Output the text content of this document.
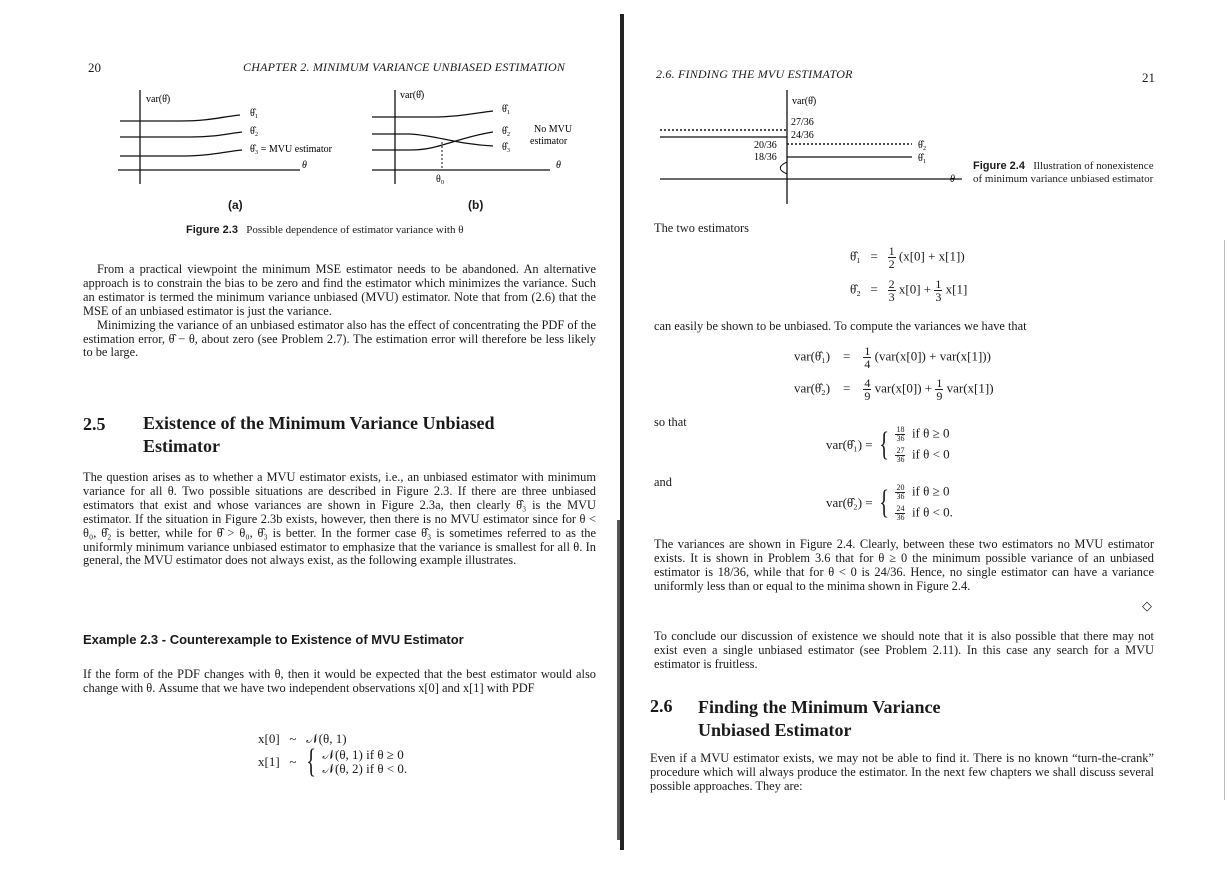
20	CHAPTER 2. MINIMUM VARIANCE UNBIASED ESTIMATION
var(θ̂)
θ̂₁
θ̂₂
θ̂₃ = MVU estimator
θ
var(θ̂)
θ̂₁
θ̂₂
θ̂₃
No MVU
estimator
θ
θ₀
(a)	(b)
Figure 2.3 Possible dependence of estimator variance with θ

From a practical viewpoint the minimum MSE estimator needs to be abandoned. An alternative approach is to constrain the bias to be zero and find the estimator which minimizes the variance. Such an estimator is termed the minimum variance unbiased (MVU) estimator. Note that from (2.6) that the MSE of an unbiased estimator is just the variance.

Minimizing the variance of an unbiased estimator also has the effect of concentrating the PDF of the estimation error, θ̂ − θ, about zero (see Problem 2.7). The estimation error will therefore be less likely to be large.

2.5 Existence of the Minimum Variance Unbiased
Estimator

The question arises as to whether a MVU estimator exists, i.e., an unbiased estimator with minimum variance for all θ. Two possible situations are described in Figure 2.3. If there are three unbiased estimators that exist and whose variances are shown in Figure 2.3a, then clearly θ̂₃ is the MVU estimator. If the situation in Figure 2.3b exists, however, then there is no MVU estimator since for θ < θ₀, θ̂₂ is better, while for θ̂ > θ₀, θ̂₃ is better. In the former case θ̂₃ is sometimes referred to as the uniformly minimum variance unbiased estimator to emphasize that the variance is smallest for all θ. In general, the MVU estimator does not always exist, as the following example illustrates.

Example 2.3 - Counterexample to Existence of MVU Estimator

If the form of the PDF changes with θ, then it would be expected that the best estimator would also change with θ. Assume that we have two independent observations x[0] and x[1] with PDF

x[0] ~ 𝒩(θ, 1)
x[1] ~ { 𝒩(θ, 1) if θ ≥ 0
𝒩(θ, 2) if θ < 0.
2.6. FINDING THE MVU ESTIMATOR	21
var(θ̂)
27/36
24/36
20/36
18/36
θ̂₂
θ̂₁
θ
Figure 2.4 Illustration of nonexistence of minimum variance unbiased estimator
The two estimators
θ̂₁ = $\frac{1}{2} (x[0] + x[1])$
θ̂₂ = $\frac{2}{3} x[0] + \frac{1}{3} x[1]$
can easily be shown to be unbiased. To compute the variances we have that
var(θ̂₁) = $\frac{1}{4} (var(x[0]) + var(x[1]))$
var(θ̂₂) = $\frac{4}{9} var(x[0]) + \frac{1}{9} var(x[1])$
so that
var(θ̂₁) = { $\frac{18}{36}$ if θ ≥ 0
$\frac{27}{36}$ if θ < 0
and
var(θ̂₂) = { $\frac{20}{36}$ if θ ≥ 0
$\frac{24}{36}$ if θ < 0.

The variances are shown in Figure 2.4. Clearly, between these two estimators no MVU estimator exists. It is shown in Problem 3.6 that for θ ≥ 0 the minimum possible variance of an unbiased estimator is 18/36, while that for θ < 0 is 24/36. Hence, no single estimator can have a variance uniformly less than or equal to the minima shown in Figure 2.4.

◇

To conclude our discussion of existence we should note that it is also possible that there may not exist even a single unbiased estimator (see Problem 2.11). In this case any search for a MVU estimator is fruitless.

2.6 Finding the Minimum Variance
Unbiased Estimator

Even if a MVU estimator exists, we may not be able to find it. There is no known “turn-the-crank” procedure which will always produce the estimator. In the next few chapters we shall discuss several possible approaches. They are:
